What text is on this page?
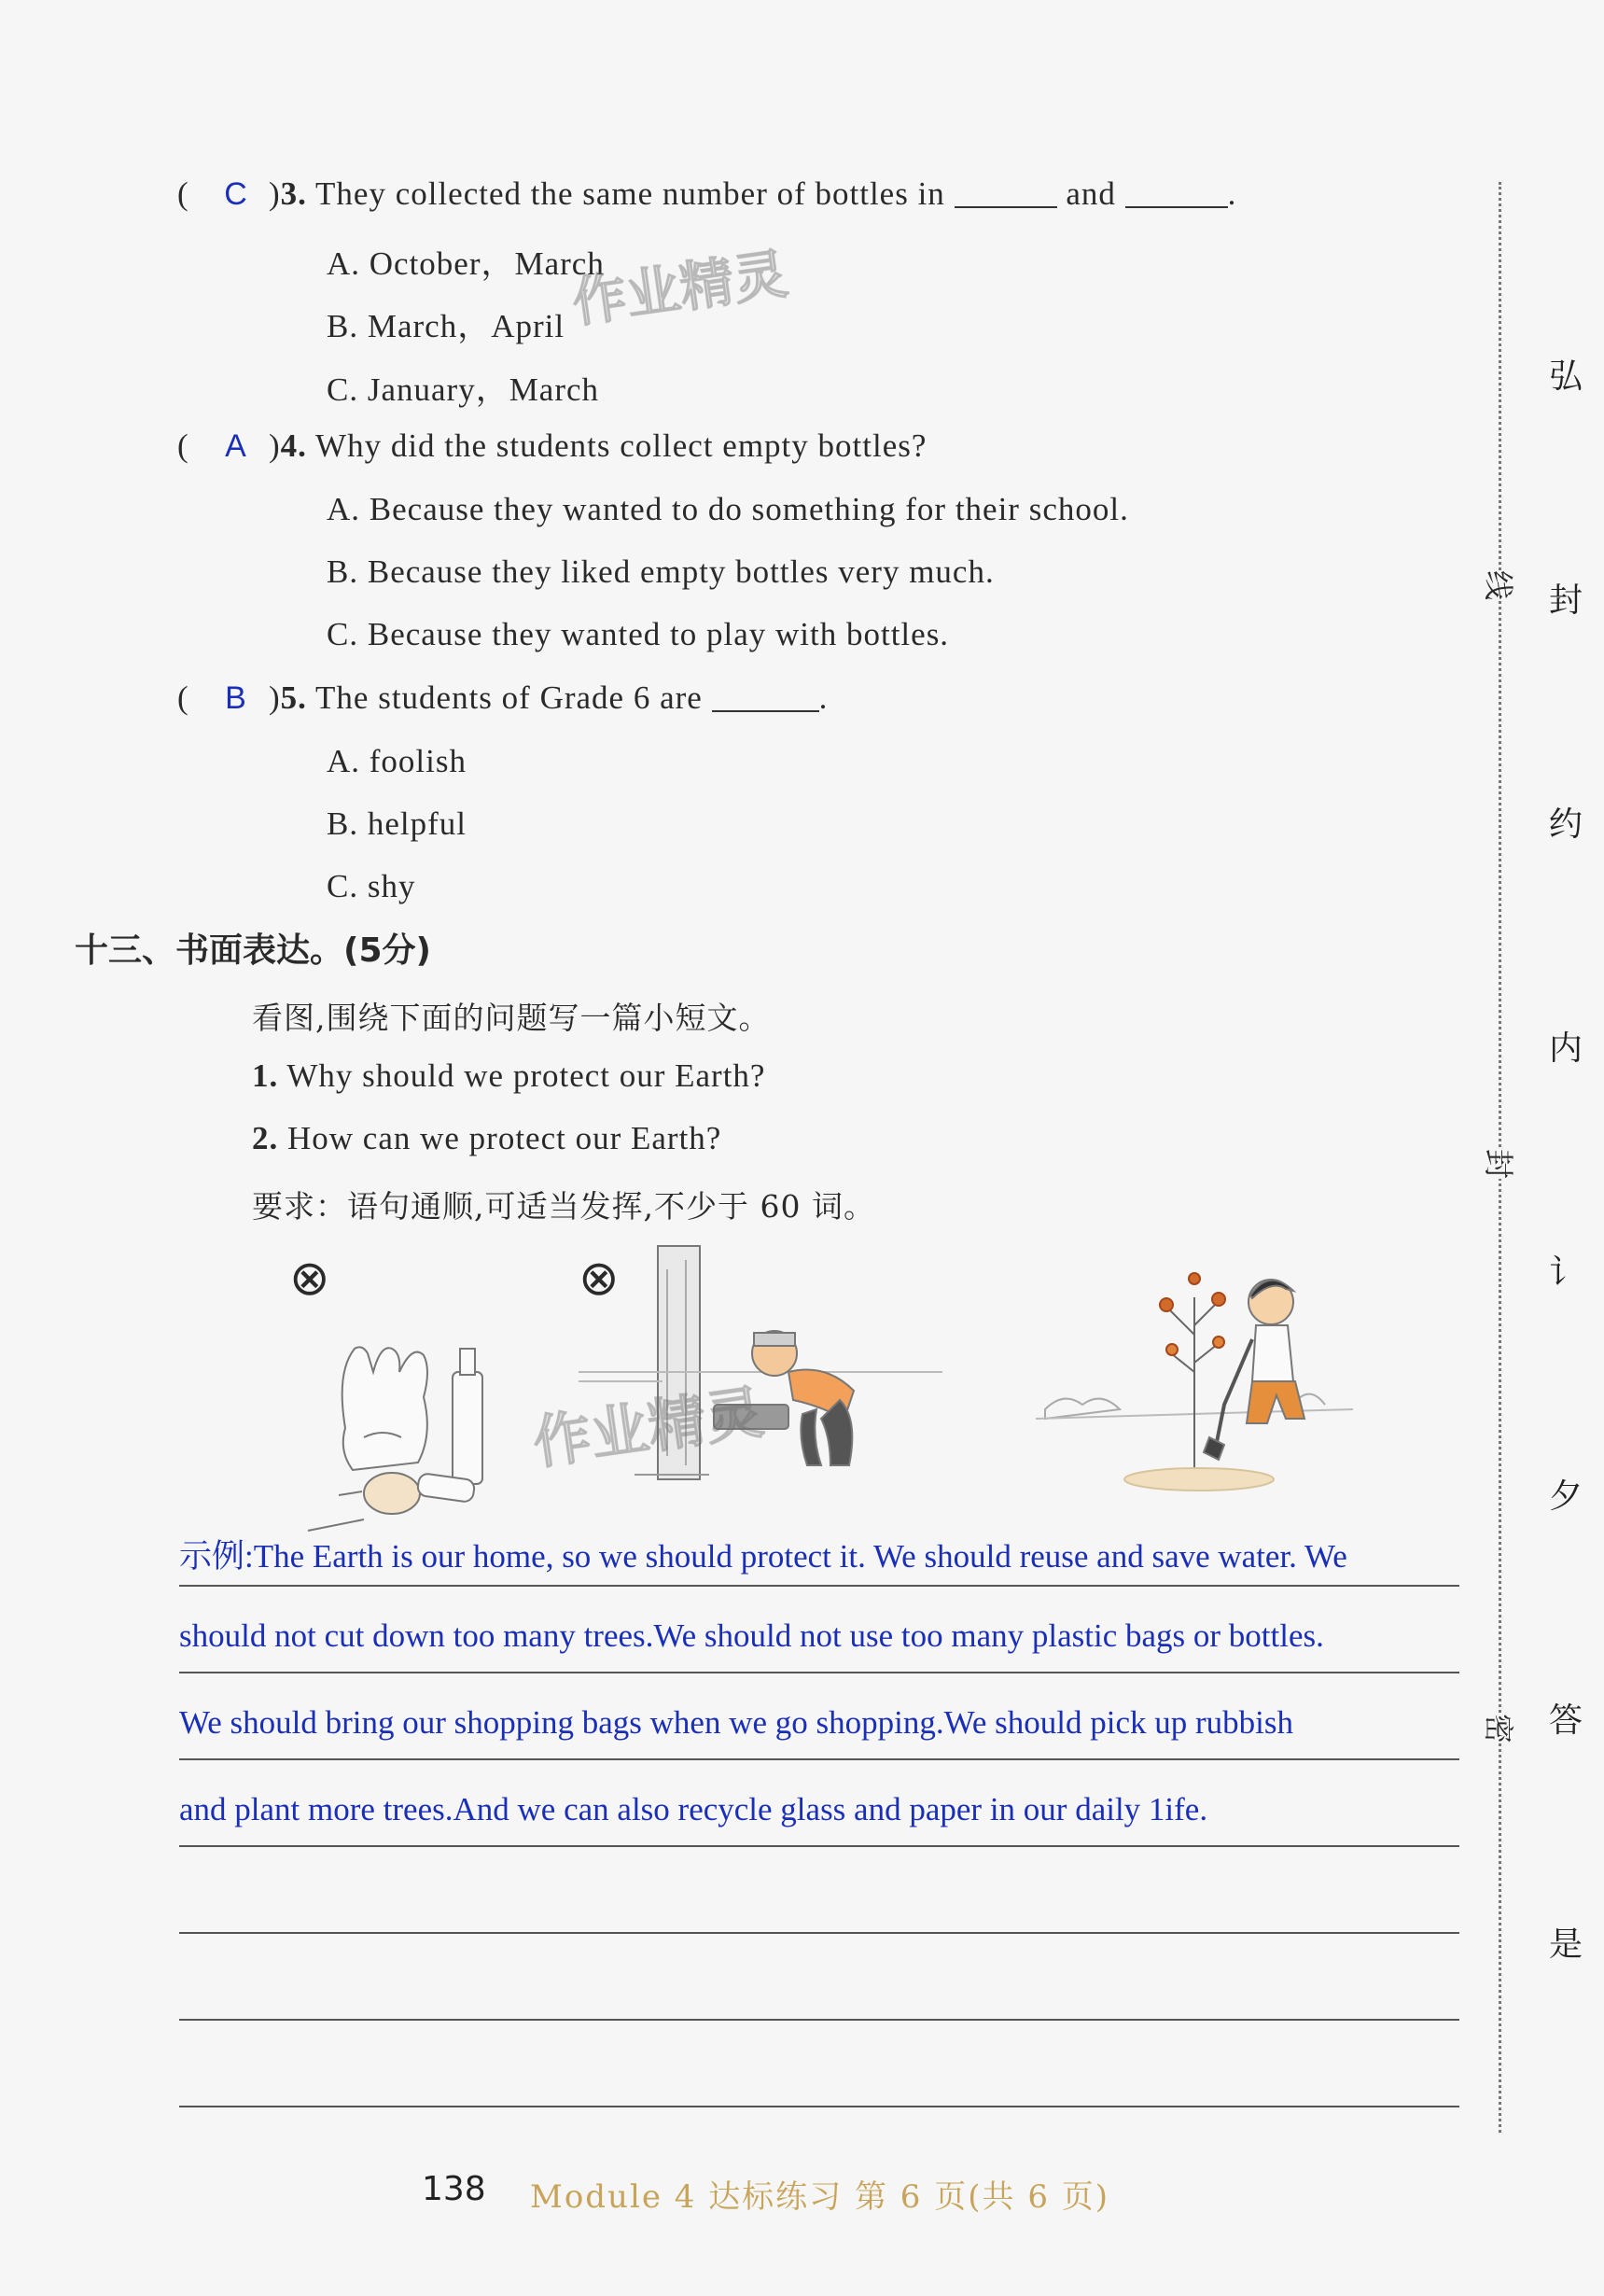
( C )3. They collected the same number of bottles in	and	.
A. October，March
B. March，April
C. January，March
( A )4. Why did the students collect empty bottles?
A. Because they wanted to do something for their school.
B. Because they liked empty bottles very much.
C. Because they wanted to play with bottles.
( B )5. The students of Grade 6 are	.
A. foolish
B. helpful
C. shy
十三、书面表达。(5分)
看图,围绕下面的问题写一篇小短文。
1. Why should we protect our Earth?
2. How can we protect our Earth?
要求：语句通顺,可适当发挥,不少于 60 词。
⊗	⊗
示例:The Earth is our home, so we should protect it. We should reuse and save water. We
should not cut down too many trees.We should not use too many plastic bags or bottles.
We should bring our shopping bags when we go shopping.We should pick up rubbish
and plant more trees.And we can also recycle glass and paper in our daily 1ife.
作业精灵
作业精灵
线
封
密
弘
封
约
内
讠
夕
答
是
138 Module 4 达标练习 第 6 页(共 6 页)
